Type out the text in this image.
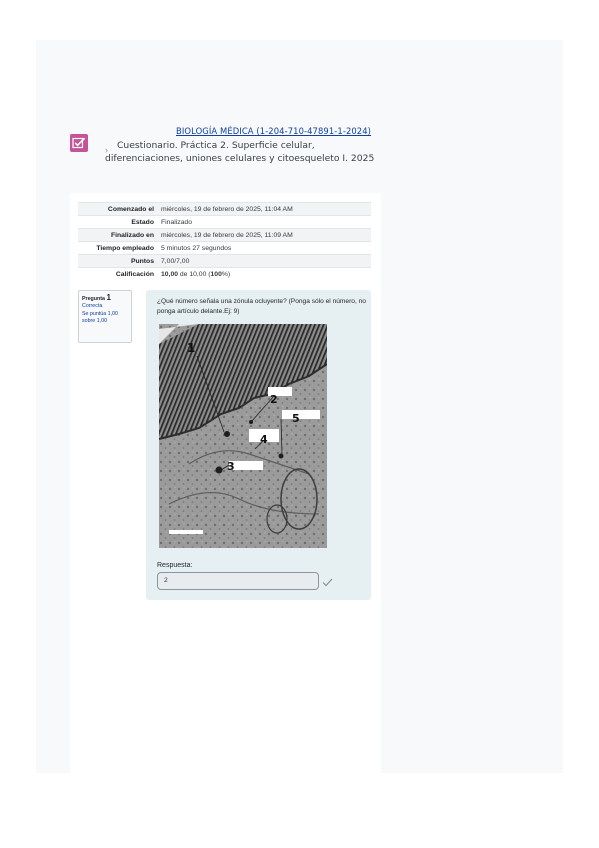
BIOLOGÍA MÉDICA (1-204-710-47891-1-2024)
› Cuestionario. Práctica 2. Superficie celular, diferenciaciones, uniones celulares y citoesqueleto I. 2025
Comenzado el	miércoles, 19 de febrero de 2025, 11:04 AM
Estado	Finalizado
Finalizado en	miércoles, 19 de febrero de 2025, 11:09 AM
Tiempo empleado	5 minutos 27 segundos
Puntos	7,00/7,00
Calificación	10,00 de 10,00 (100%)
Pregunta 1
Correcta
Se puntúa 1,00 sobre 1,00
¿Qué número señala una zónula ocluyente? (Ponga sólo el número, no ponga artículo delante.Ej: 9)
1
2
5
4
3
Respuesta:
2
